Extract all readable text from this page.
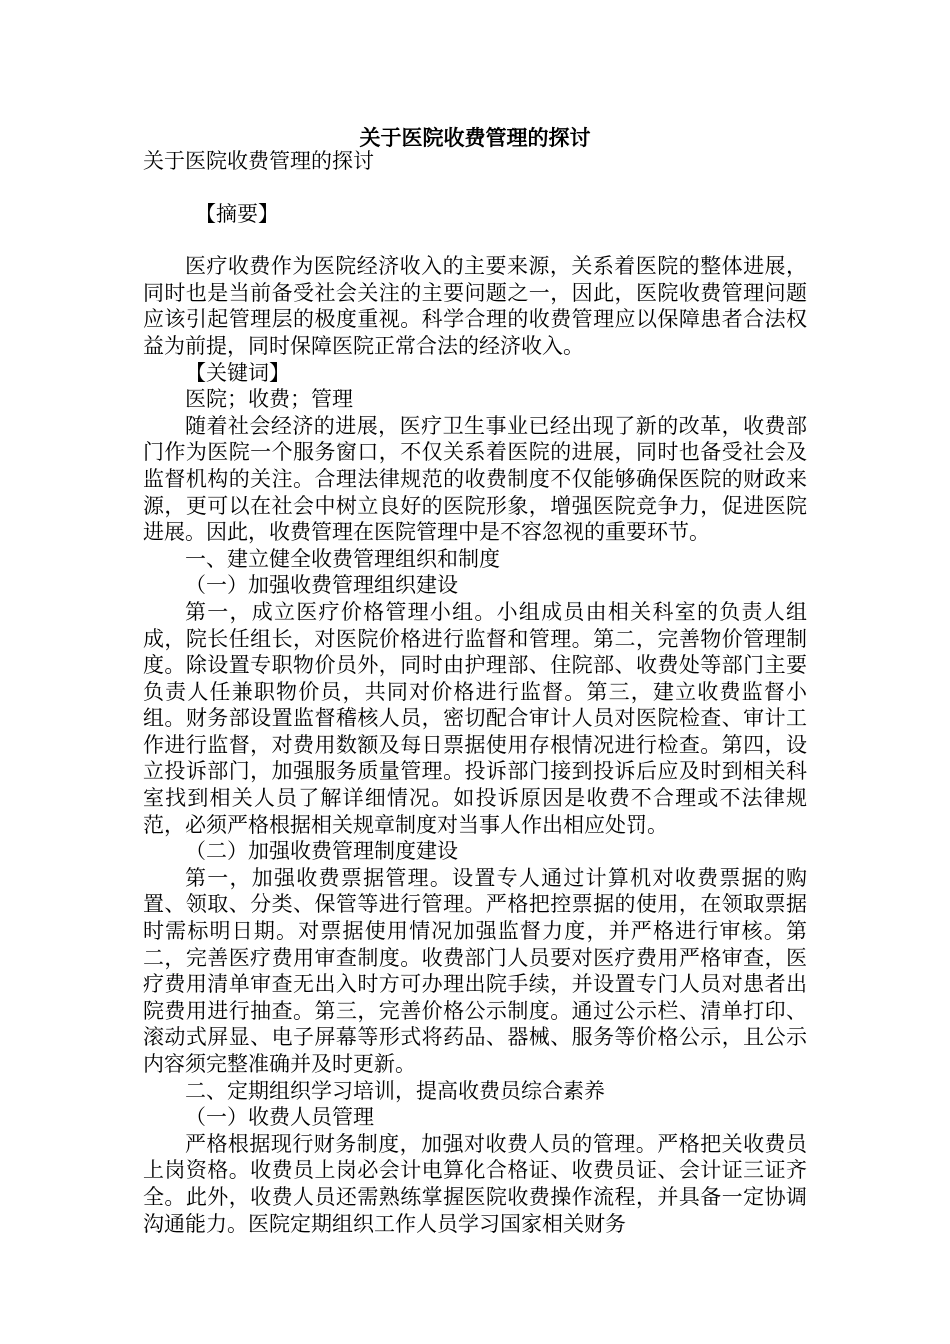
关于医院收费管理的探讨

关于医院收费管理的探讨

【摘要】

医疗收费作为医院经济收入的主要来源，关系着医院的整体进展，同时也是当前备受社会关注的主要问题之一，因此，医院收费管理问题应该引起管理层的极度重视。科学合理的收费管理应以保障患者合法权益为前提，同时保障医院正常合法的经济收入。

【关键词】

医院；收费；管理

随着社会经济的进展，医疗卫生事业已经出现了新的改革，收费部门作为医院一个服务窗口，不仅关系着医院的进展，同时也备受社会及监督机构的关注。合理法律规范的收费制度不仅能够确保医院的财政来源，更可以在社会中树立良好的医院形象，增强医院竞争力，促进医院进展。因此，收费管理在医院管理中是不容忽视的重要环节。

一、建立健全收费管理组织和制度

（一）加强收费管理组织建设

第一，成立医疗价格管理小组。小组成员由相关科室的负责人组成，院长任组长，对医院价格进行监督和管理。第二，完善物价管理制度。除设置专职物价员外，同时由护理部、住院部、收费处等部门主要负责人任兼职物价员，共同对价格进行监督。第三，建立收费监督小组。财务部设置监督稽核人员，密切配合审计人员对医院检查、审计工作进行监督，对费用数额及每日票据使用存根情况进行检查。第四，设立投诉部门，加强服务质量管理。投诉部门接到投诉后应及时到相关科室找到相关人员了解详细情况。如投诉原因是收费不合理或不法律规范，必须严格根据相关规章制度对当事人作出相应处罚。

（二）加强收费管理制度建设

第一，加强收费票据管理。设置专人通过计算机对收费票据的购置、领取、分类、保管等进行管理。严格把控票据的使用，在领取票据时需标明日期。对票据使用情况加强监督力度，并严格进行审核。第二，完善医疗费用审查制度。收费部门人员要对医疗费用严格审查，医疗费用清单审查无出入时方可办理出院手续，并设置专门人员对患者出院费用进行抽查。第三，完善价格公示制度。通过公示栏、清单打印、滚动式屏显、电子屏幕等形式将药品、器械、服务等价格公示，且公示内容须完整准确并及时更新。

二、定期组织学习培训，提高收费员综合素养

（一）收费人员管理

严格根据现行财务制度，加强对收费人员的管理。严格把关收费员上岗资格。收费员上岗必会计电算化合格证、收费员证、会计证三证齐全。此外，收费人员还需熟练掌握医院收费操作流程，并具备一定协调沟通能力。医院定期组织工作人员学习国家相关财务
